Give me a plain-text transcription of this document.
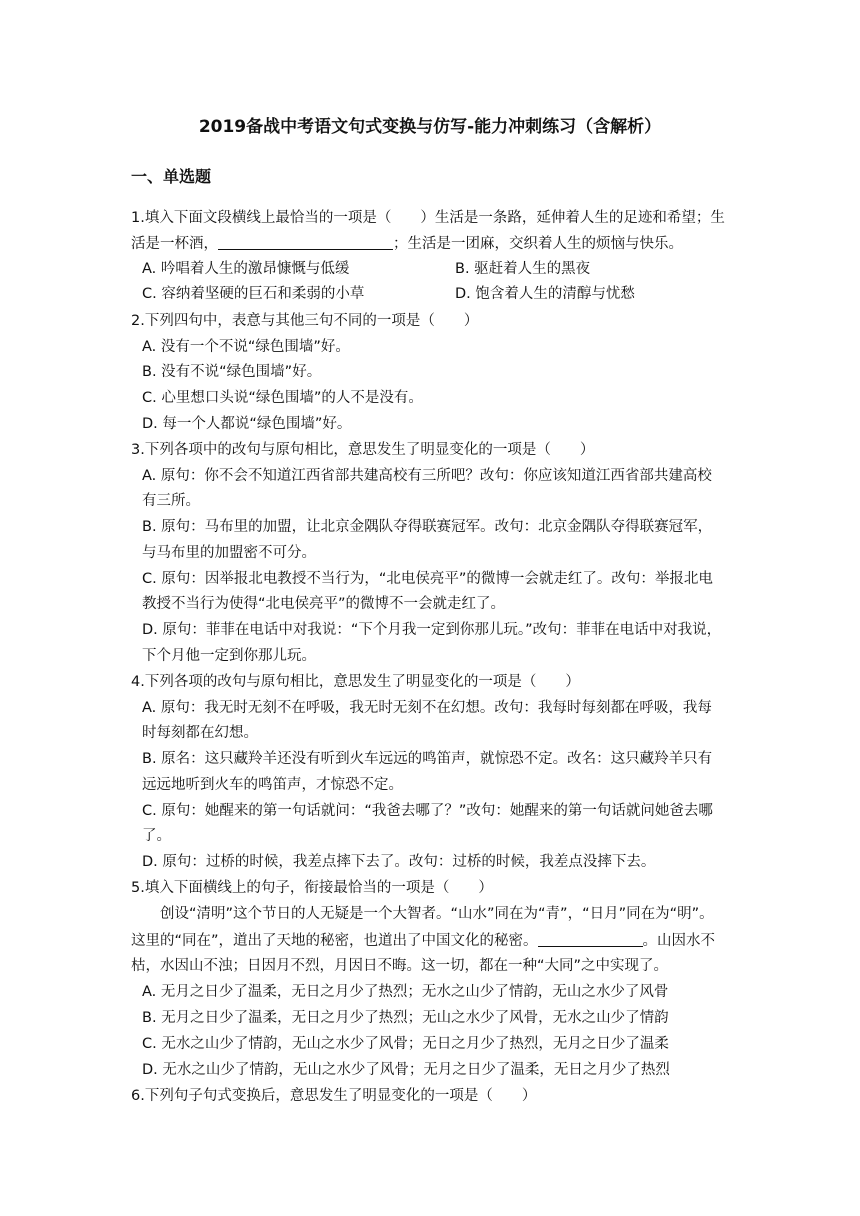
2019备战中考语文句式变换与仿写-能力冲刺练习（含解析）
一、单选题
1.填入下面文段横线上最恰当的一项是（　　）生活是一条路，延伸着人生的足迹和希望；生
活是一杯酒，	；生活是一团麻，交织着人生的烦恼与快乐。
A. 吟唱着人生的激昂慷慨与低缓	B. 驱赶着人生的黑夜
C. 容纳着坚硬的巨石和柔弱的小草	D. 饱含着人生的清醇与忧愁
2.下列四句中，表意与其他三句不同的一项是（　　）
A. 没有一个不说“绿色围墙”好。
B. 没有不说“绿色围墙”好。
C. 心里想口头说“绿色围墙”的人不是没有。
D. 每一个人都说“绿色围墙”好。
3.下列各项中的改句与原句相比，意思发生了明显变化的一项是（　　）
A. 原句：你不会不知道江西省部共建高校有三所吧？改句：你应该知道江西省部共建高校
有三所。
B. 原句：马布里的加盟，让北京金隅队夺得联赛冠军。改句：北京金隅队夺得联赛冠军，
与马布里的加盟密不可分。
C. 原句：因举报北电教授不当行为，“北电侯亮平”的微博一会就走红了。改句：举报北电
教授不当行为使得“北电侯亮平”的微博不一会就走红了。
D. 原句：菲菲在电话中对我说：“下个月我一定到你那儿玩。”改句：菲菲在电话中对我说，
下个月他一定到你那儿玩。
4.下列各项的改句与原句相比，意思发生了明显变化的一项是（　　）
A. 原句：我无时无刻不在呼吸，我无时无刻不在幻想。改句：我每时每刻都在呼吸，我每
时每刻都在幻想。
B. 原名：这只藏羚羊还没有听到火车远远的鸣笛声，就惊恐不定。改名：这只藏羚羊只有
远远地听到火车的鸣笛声，才惊恐不定。
C. 原句：她醒来的第一句话就问：“我爸去哪了？”改句：她醒来的第一句话就问她爸去哪
了。
D. 原句：过桥的时候，我差点摔下去了。改句：过桥的时候，我差点没摔下去。
5.填入下面横线上的句子，衔接最恰当的一项是（　　）
创设“清明”这个节日的人无疑是一个大智者。“山水”同在为“青”，“日月”同在为“明”。
这里的“同在”，道出了天地的秘密，也道出了中国文化的秘密。	。山因水不
枯，水因山不浊；日因月不烈，月因日不晦。这一切，都在一种“大同”之中实现了。
A. 无月之日少了温柔，无日之月少了热烈；无水之山少了情韵，无山之水少了风骨
B. 无月之日少了温柔，无日之月少了热烈；无山之水少了风骨，无水之山少了情韵
C. 无水之山少了情韵，无山之水少了风骨；无日之月少了热烈，无月之日少了温柔
D. 无水之山少了情韵，无山之水少了风骨；无月之日少了温柔，无日之月少了热烈
6.下列句子句式变换后，意思发生了明显变化的一项是（　　）
